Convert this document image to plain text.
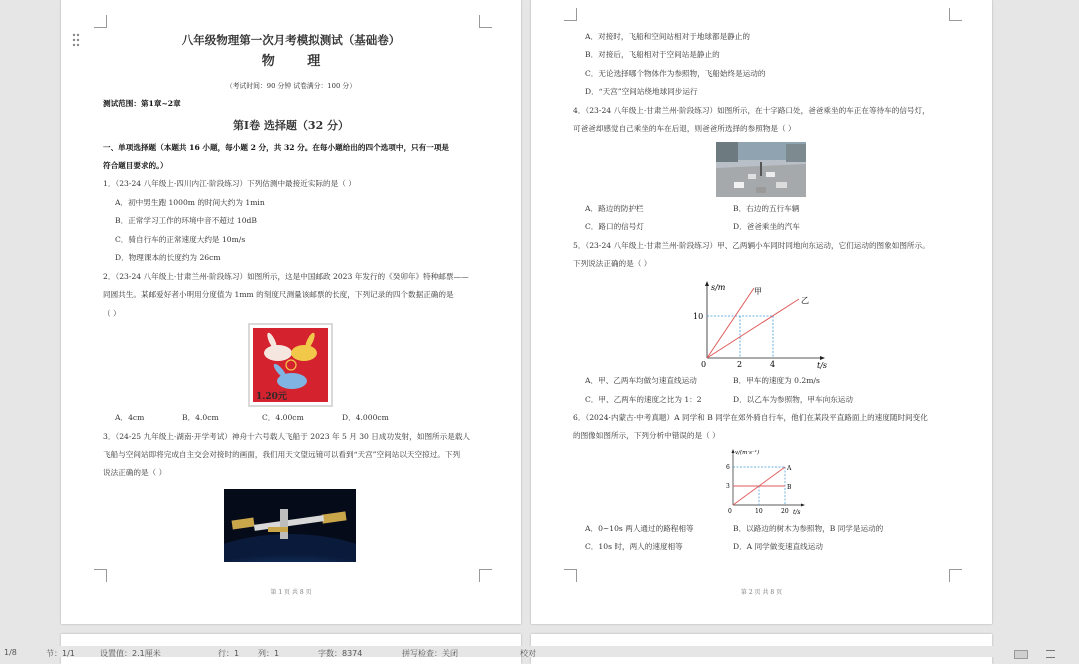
八年级物理第一次月考模拟测试（基础卷）
物 理
（考试时间：90 分钟 试卷满分：100 分）
测试范围：第1章~2章
第Ⅰ卷 选择题（32 分）
一、单项选择题（本题共 16 小题，每小题 2 分，共 32 分。在每小题给出的四个选项中，只有一项是
符合题目要求的。）
1．（23-24 八年级上·四川内江·阶段练习）下列估测中最接近实际的是（ ）
A．初中男生跑 1000m 的时间大约为 1min
B．正常学习工作的环境中音不超过 10dB
C．骑自行车的正常速度大约是 10m/s
D．物理课本的长度约为 26cm
2．（23-24 八年级上·甘肃兰州·阶段练习）如图所示，这是中国邮政 2023 年发行的《癸卯年》特种邮票——
同圆共生。某邮爱好者小明用分度值为 1mm 的刻度尺测量该邮票的长度，下列记录的四个数据正确的是
（ ）
1.20元
A．4cm	B．4.0cm	C．4.00cm	D．4.000cm
3．（24-25 九年级上·湖南·开学考试）神舟十六号载人飞船于 2023 年 5 月 30 日成功发射，如图所示是载人
飞船与空间站即将完成自主交会对接时的画面，我们用天文望远镜可以看到“天宫”空间站以天空掠过。下列
说法正确的是（ ）
第 1 页 共 8 页
A．对接时，飞船和空间站相对于地球都是静止的
B．对接后，飞船相对于空间站是静止的
C．无论选择哪个物体作为参照物，飞船始终是运动的
D．“天宫”空间站绕地球同步运行
4．（23-24 八年级上·甘肃兰州·阶段练习）如图所示，在十字路口处，爸爸乘坐的车正在等待车的信号灯，
可爸爸却感觉自己乘坐的车在后退，则爸爸所选择的参照物是（ ）
A．路边的防护栏	B．右边的五行车辆
C．路口的信号灯	D．爸爸乘坐的汽车
5．（23-24 八年级上·甘肃兰州·阶段练习）甲、乙两辆小车同时同地向东运动，它们运动的图象如图所示。
下列说法正确的是（ ）
s/m
t/s
0
10
2	4
甲
乙
A．甲、乙两车均做匀速直线运动	B．甲车的速度为 0.2m/s
C．甲、乙两车的速度之比为 1：2	D．以乙车为参照物，甲车向东运动
6．（2024·内蒙古·中考真题）A 同学和 B 同学在郊外骑自行车，他们在某段平直路面上的速度随时间变化
的图像如图所示，下列分析中错误的是（ ）
v/(m·s⁻¹)
t/s
0
6
3
10	20
A
B
A．0~10s 两人通过的路程相等	B．以路边的树木为参照物，B 同学是运动的
C．10s 时，两人的速度相等	D．A 同学做变速直线运动
第 2 页 共 8 页
1/8	节：1/1	设置值：2.1厘米	行：1 列：1	字数：8374	拼写检查：关闭	校对
